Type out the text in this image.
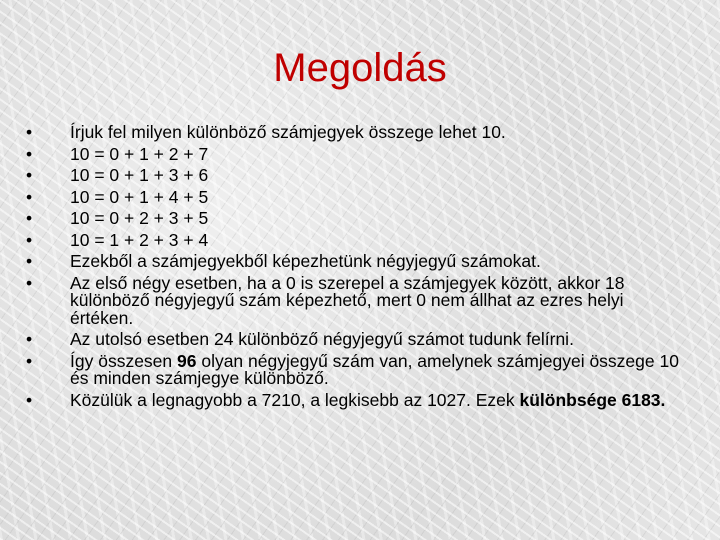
Megoldás
• Írjuk fel milyen különböző számjegyek összege lehet 10.
• 10 = 0 + 1 + 2 + 7
• 10 = 0 + 1 + 3 + 6
• 10 = 0 + 1 + 4 + 5
• 10 = 0 + 2 + 3 + 5
• 10 = 1 + 2 + 3 + 4
• Ezekből a számjegyekből képezhetünk négyjegyű számokat.
• Az első négy esetben, ha a 0 is szerepel a számjegyek között, akkor 18 különböző négyjegyű szám képezhető, mert 0 nem állhat az ezres helyi értéken.
• Az utolsó esetben 24 különböző négyjegyű számot tudunk felírni.
• Így összesen 96 olyan négyjegyű szám van, amelynek számjegyei összege 10 és minden számjegye különböző.
• Közülük a legnagyobb a 7210, a legkisebb az 1027. Ezek különbsége 6183.
